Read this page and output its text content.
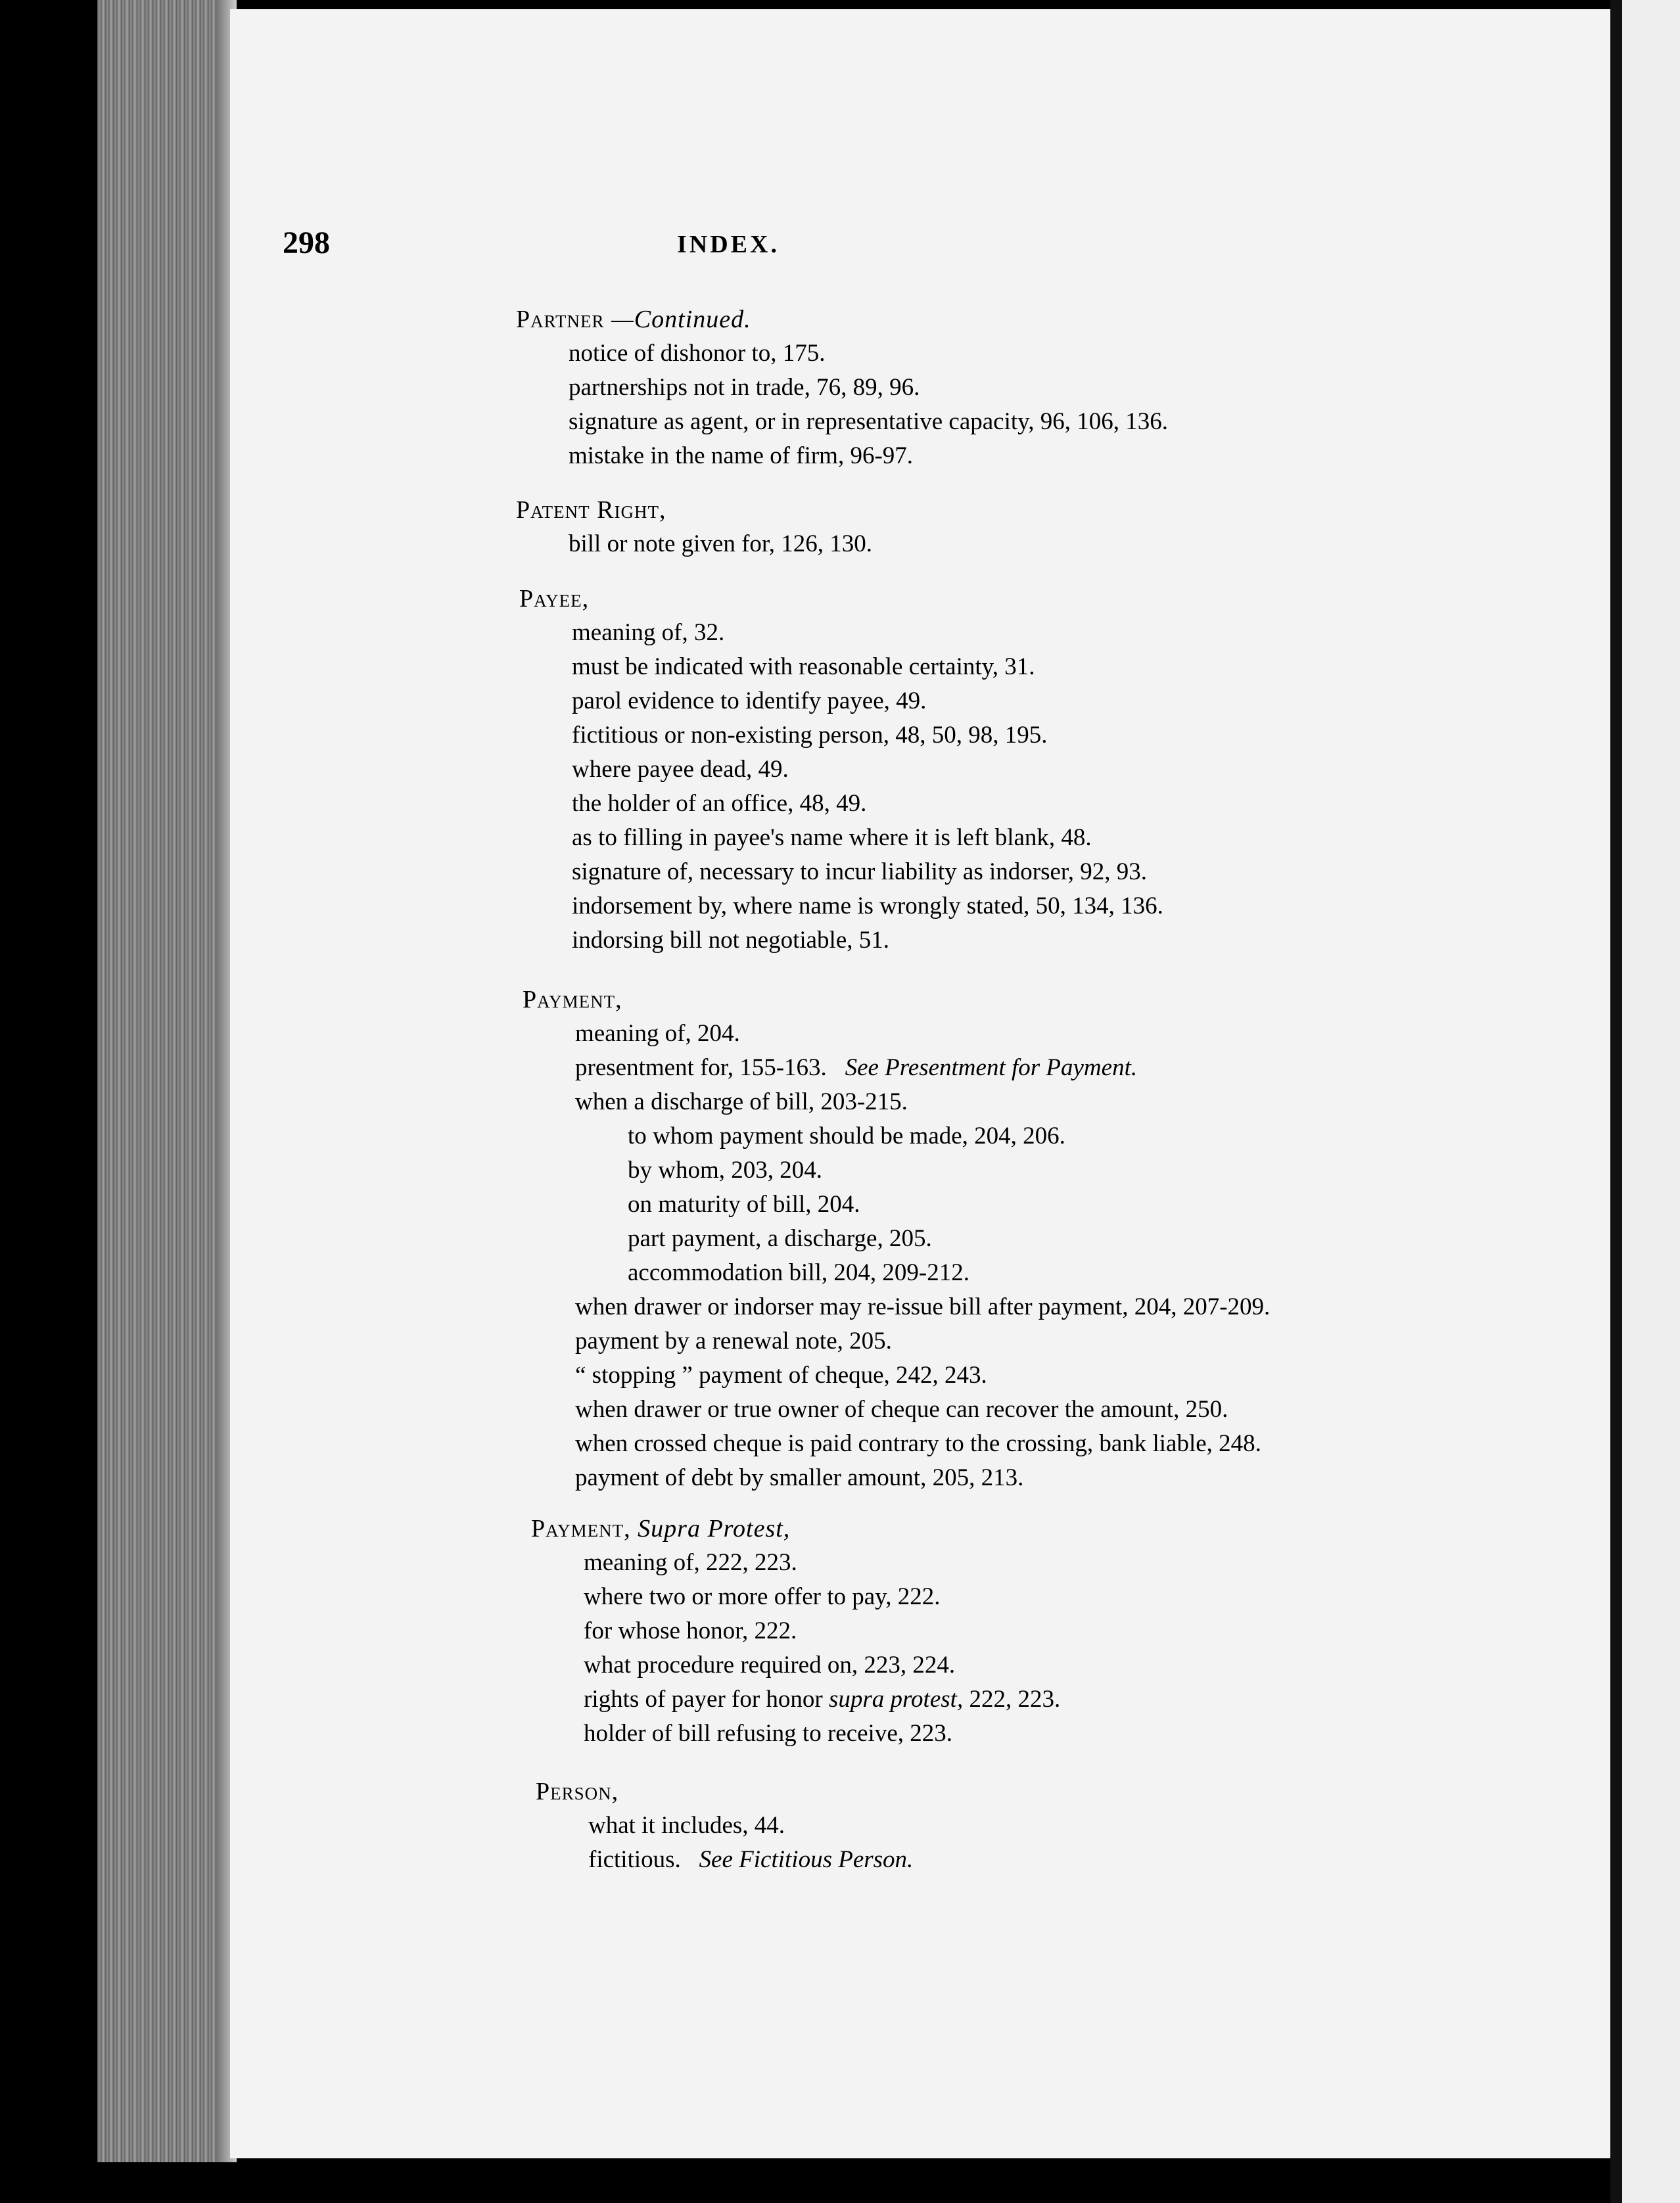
298	INDEX.
Partner —Continued.
notice of dishonor to, 175.
partnerships not in trade, 76, 89, 96.
signature as agent, or in representative capacity, 96, 106, 136.
mistake in the name of firm, 96-97.
Patent Right,
bill or note given for, 126, 130.
Payee,
meaning of, 32.
must be indicated with reasonable certainty, 31.
parol evidence to identify payee, 49.
fictitious or non-existing person, 48, 50, 98, 195.
where payee dead, 49.
the holder of an office, 48, 49.
as to filling in payee's name where it is left blank, 48.
signature of, necessary to incur liability as indorser, 92, 93.
indorsement by, where name is wrongly stated, 50, 134, 136.
indorsing bill not negotiable, 51.
Payment,
meaning of, 204.
presentment for, 155-163. See Presentment for Payment.
when a discharge of bill, 203-215.
to whom payment should be made, 204, 206.
by whom, 203, 204.
on maturity of bill, 204.
part payment, a discharge, 205.
accommodation bill, 204, 209-212.
when drawer or indorser may re-issue bill after payment, 204, 207-209.
payment by a renewal note, 205.
“ stopping ” payment of cheque, 242, 243.
when drawer or true owner of cheque can recover the amount, 250.
when crossed cheque is paid contrary to the crossing, bank liable, 248.
payment of debt by smaller amount, 205, 213.
Payment, Supra Protest,
meaning of, 222, 223.
where two or more offer to pay, 222.
for whose honor, 222.
what procedure required on, 223, 224.
rights of payer for honor supra protest, 222, 223.
holder of bill refusing to receive, 223.
Person,
what it includes, 44.
fictitious. See Fictitious Person.
